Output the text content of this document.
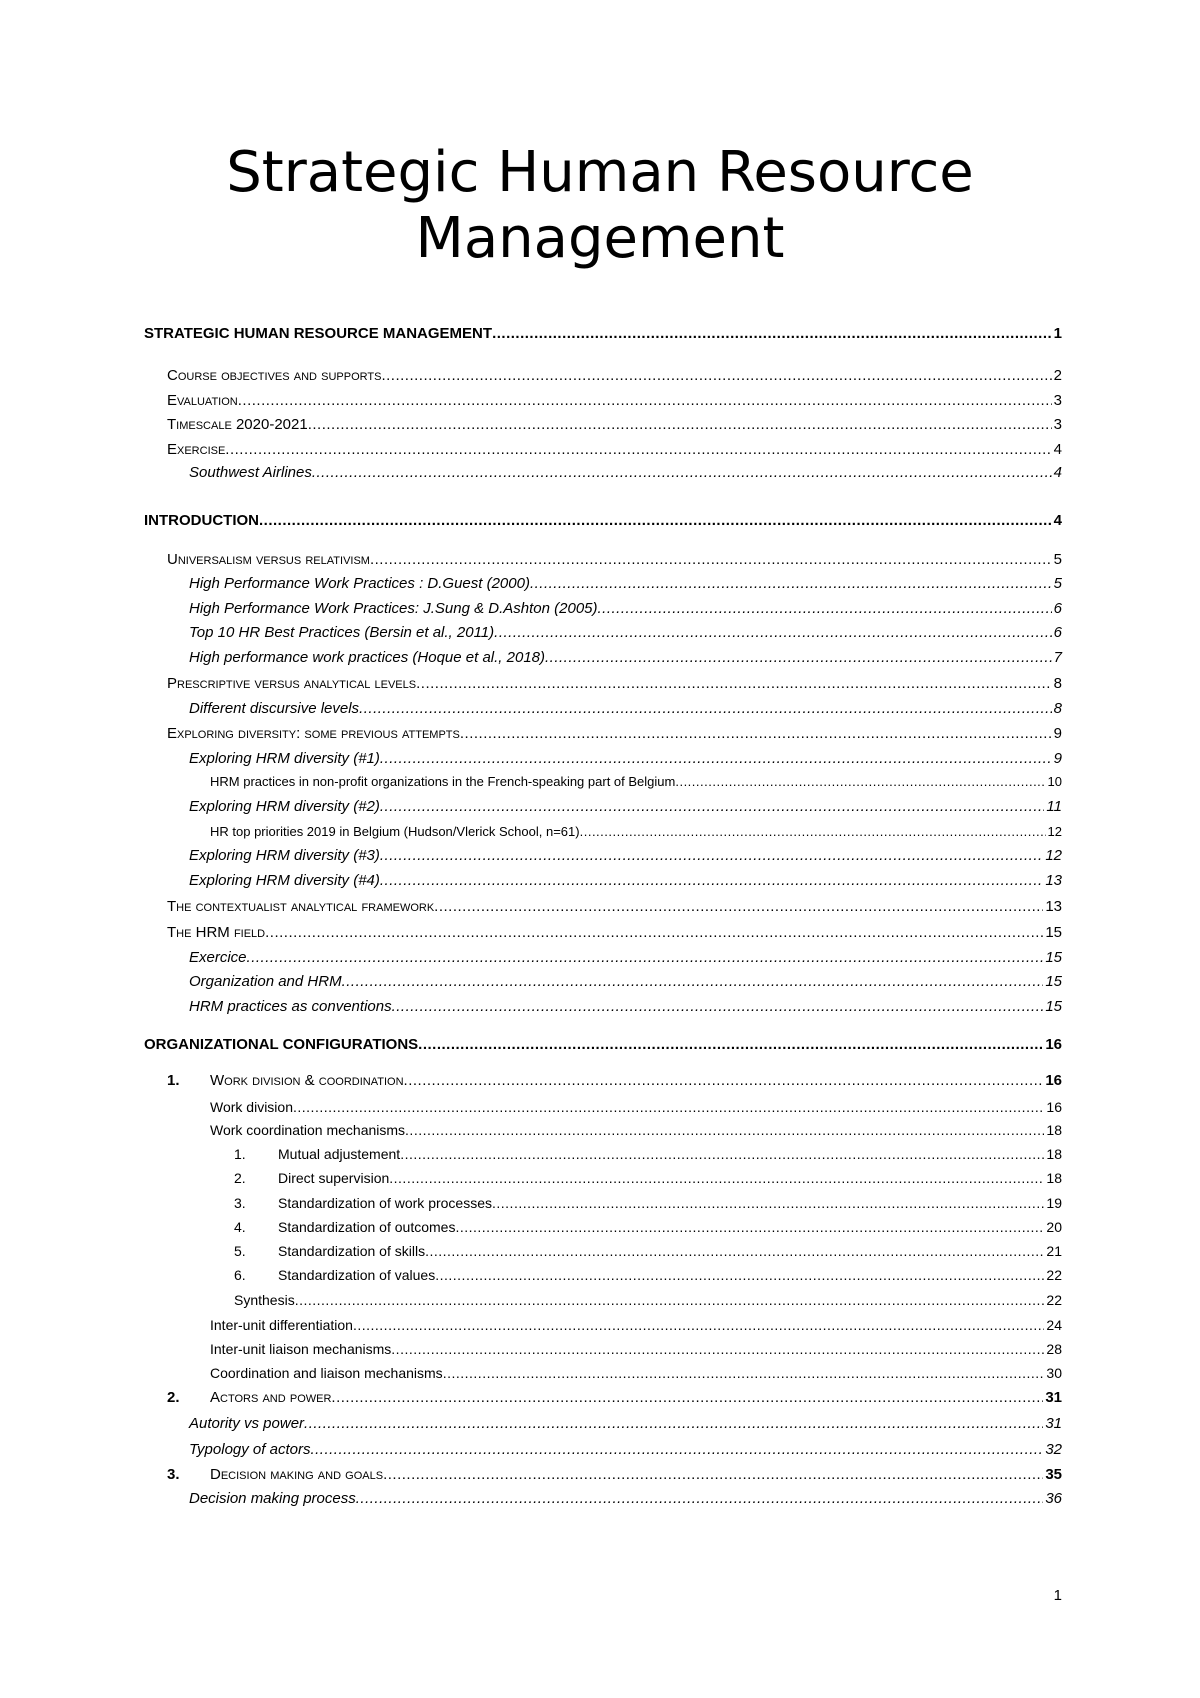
Strategic Human Resource
Management
STRATEGIC HUMAN RESOURCE MANAGEMENT .....	1
Course objectives and supports .....	2
Evaluation .....	3
Timescale 2020-2021 .....	3
Exercise .....	4
Southwest Airlines .....	4
INTRODUCTION .....	4
Universalism versus relativism .....	5
High Performance Work Practices : D.Guest (2000) .....	5
High Performance Work Practices: J.Sung & D.Ashton (2005) .....	6
Top 10 HR Best Practices (Bersin et al., 2011) .....	6
High performance work practices (Hoque et al., 2018) .....	7
Prescriptive versus analytical levels .....	8
Different discursive levels .....	8
Exploring diversity: some previous attempts .....	9
Exploring HRM diversity (#1) .....	9
HRM practices in non-profit organizations in the French-speaking part of Belgium .....	10
Exploring HRM diversity (#2) .....	11
HR top priorities 2019 in Belgium (Hudson/Vlerick School, n=61) .....	12
Exploring HRM diversity (#3) .....	12
Exploring HRM diversity (#4) .....	13
The contextualist analytical framework .....	13
The HRM field .....	15
Exercice .....	15
Organization and HRM .....	15
HRM practices as conventions .....	15
ORGANIZATIONAL CONFIGURATIONS .....	16
1.	Work division & coordination .....	16
Work division .....	16
Work coordination mechanisms .....	18
1.	Mutual adjustement .....	18
2.	Direct supervision .....	18
3.	Standardization of work processes .....	19
4.	Standardization of outcomes .....	20
5.	Standardization of skills .....	21
6.	Standardization of values .....	22
Synthesis .....	22
Inter-unit differentiation .....	24
Inter-unit liaison mechanisms .....	28
Coordination and liaison mechanisms .....	30
2.	Actors and power .....	31
Autority vs power .....	31
Typology of actors .....	32
3.	Decision making and goals .....	35
Decision making process .....	36
1
